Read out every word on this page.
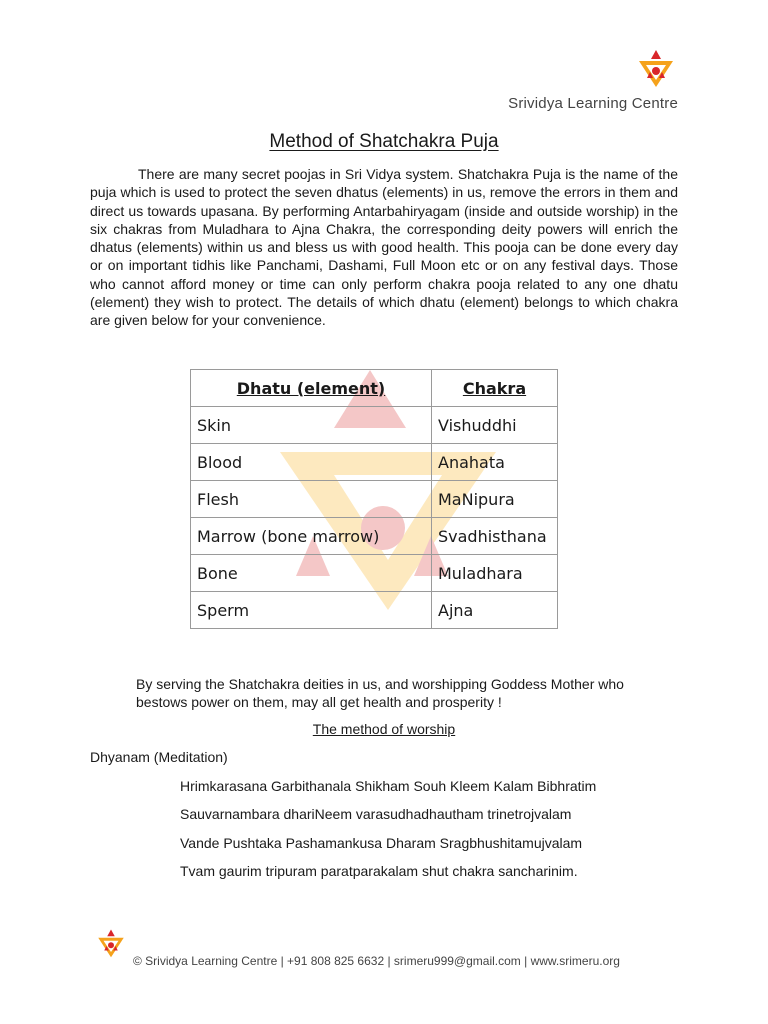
Srividya Learning Centre
Method of Shatchakra Puja

There are many secret poojas in Sri Vidya system. Shatchakra Puja is the name of the puja which is used to protect the seven dhatus (elements) in us, remove the errors in them and direct us towards upasana. By performing Antarbahiryagam (inside and outside worship) in the six chakras from Muladhara to Ajna Chakra, the corresponding deity powers will enrich the dhatus (elements) within us and bless us with good health. This pooja can be done every day or on important tidhis like Panchami, Dashami, Full Moon etc or on any festival days. Those who cannot afford money or time can only perform chakra pooja related to any one dhatu (element) they wish to protect. The details of which dhatu (element) belongs to which chakra are given below for your convenience.

Dhatu (element)	Chakra
Skin	Vishuddhi
Blood	Anahata
Flesh	MaNipura
Marrow (bone marrow)	Svadhisthana
Bone	Muladhara
Sperm	Ajna

By serving the Shatchakra deities in us, and worshipping Goddess Mother who bestows power on them, may all get health and prosperity !

The method of worship
Dhyanam (Meditation)
Hrimkarasana Garbithanala Shikham Souh Kleem Kalam Bibhratim
Sauvarnambara dhariNeem varasudhadhautham trinetrojvalam
Vande Pushtaka Pashamankusa Dharam Sragbhushitamujvalam
Tvam gaurim tripuram paratparakalam shut chakra sancharinim.
© Srividya Learning Centre | +91 808 825 6632 | srimeru999@gmail.com | www.srimeru.org
